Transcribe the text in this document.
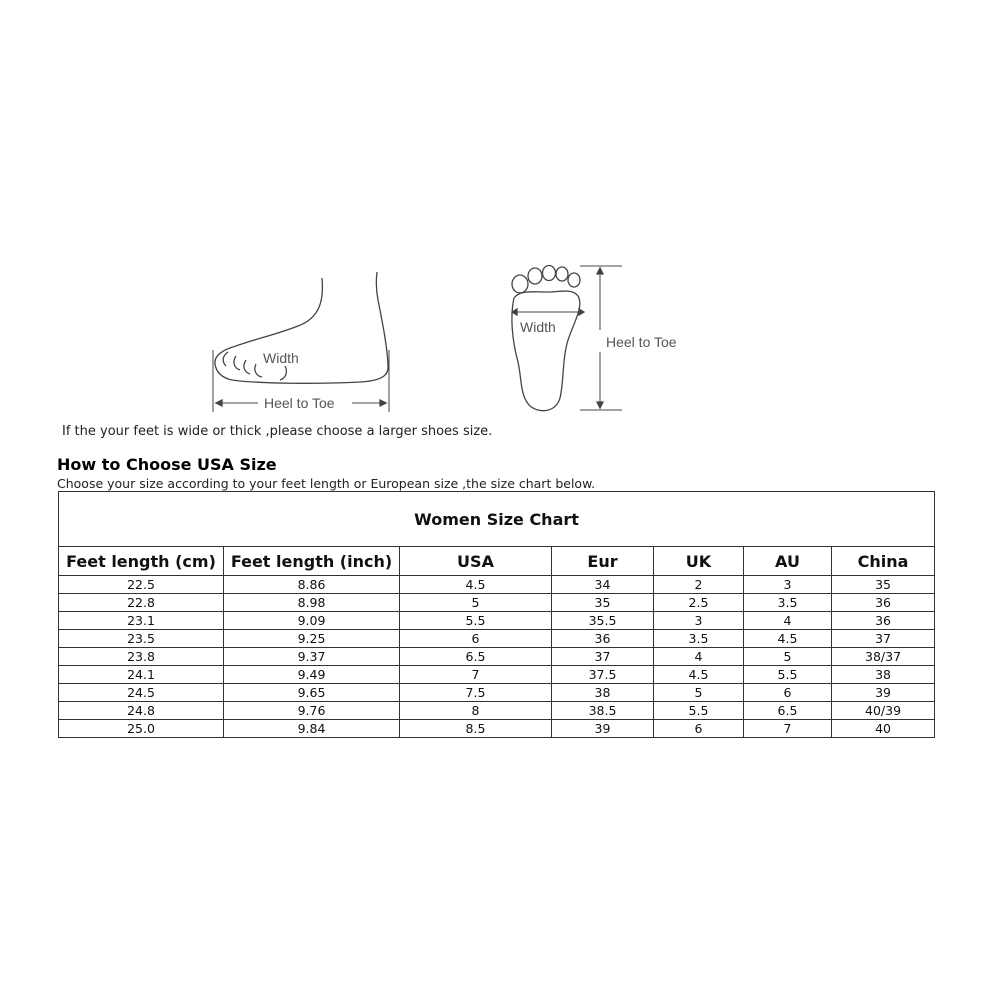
Width
Heel to Toe
Width
Heel to Toe
If the your feet is wide or thick ,please choose a larger shoes size.
How to Choose USA Size
Choose your size according to your feet length or European size ,the size chart below.
Women Size Chart						
Feet length (cm)	Feet length (inch)	USA	Eur	UK	AU	China
22.5	8.86	4.5	34	2	3	35
22.8	8.98	5	35	2.5	3.5	36
23.1	9.09	5.5	35.5	3	4	36
23.5	9.25	6	36	3.5	4.5	37
23.8	9.37	6.5	37	4	5	38/37
24.1	9.49	7	37.5	4.5	5.5	38
24.5	9.65	7.5	38	5	6	39
24.8	9.76	8	38.5	5.5	6.5	40/39
25.0	9.84	8.5	39	6	7	40
